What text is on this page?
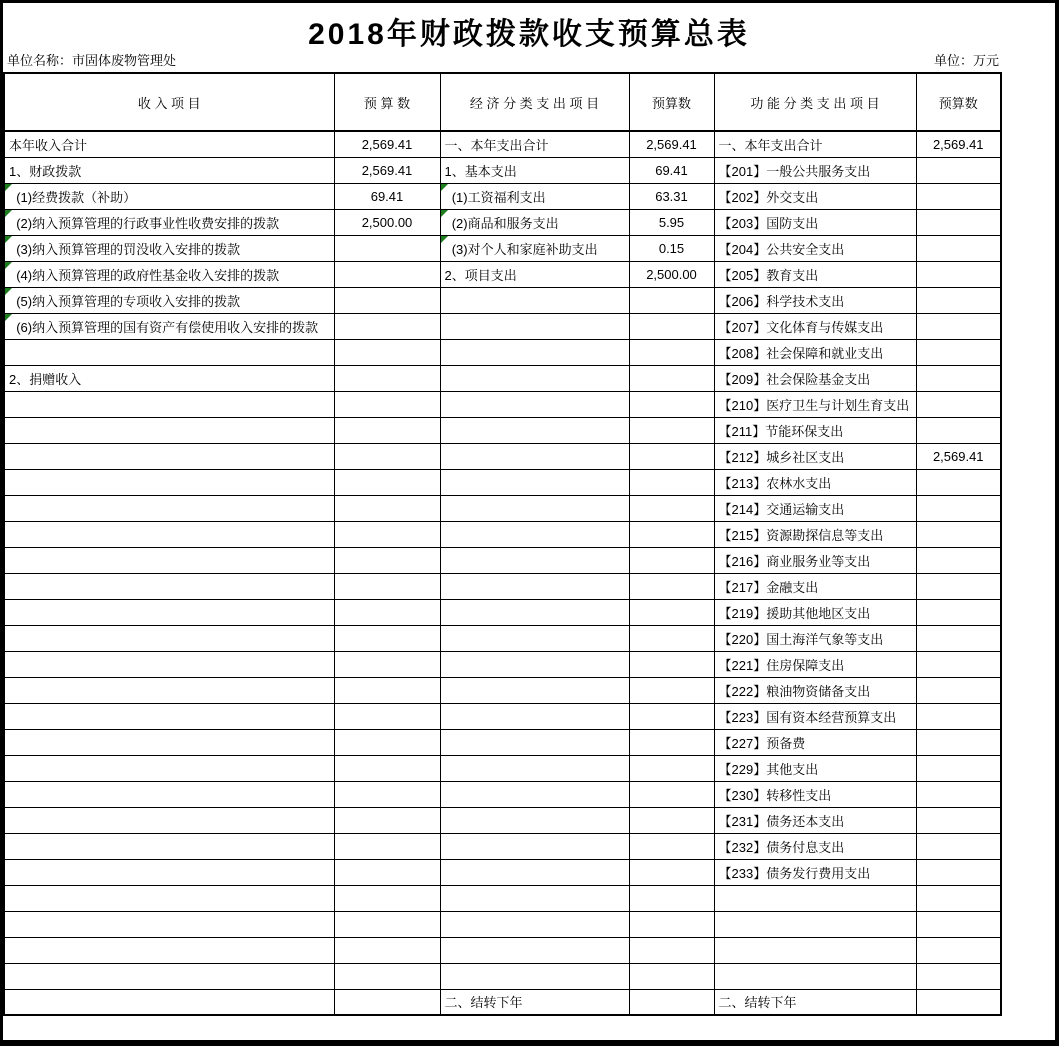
2018年财政拨款收支预算总表
单位名称：市固体废物管理处	单位：万元
收 入 项 目	预 算 数	经 济 分 类 支 出 项 目	预算数	功 能 分 类 支 出 项 目	预算数
本年收入合计	2,569.41	一、本年支出合计	2,569.41	一、本年支出合计	2,569.41
1、财政拨款	2,569.41	1、基本支出	69.41	【201】一般公共服务支出	
(1)经费拨款（补助）	69.41	(1)工资福利支出	63.31	【202】外交支出	
(2)纳入预算管理的行政事业性收费安排的拨款	2,500.00	(2)商品和服务支出	5.95	【203】国防支出	
(3)纳入预算管理的罚没收入安排的拨款		(3)对个人和家庭补助支出	0.15	【204】公共安全支出	
(4)纳入预算管理的政府性基金收入安排的拨款		2、项目支出	2,500.00	【205】教育支出	
(5)纳入预算管理的专项收入安排的拨款				【206】科学技术支出	
(6)纳入预算管理的国有资产有偿使用收入安排的拨款				【207】文化体育与传媒支出	
				【208】社会保障和就业支出	
2、捐赠收入				【209】社会保险基金支出	
				【210】医疗卫生与计划生育支出	
				【211】节能环保支出	
				【212】城乡社区支出	2,569.41
				【213】农林水支出	
				【214】交通运输支出	
				【215】资源勘探信息等支出	
				【216】商业服务业等支出	
				【217】金融支出	
				【219】援助其他地区支出	
				【220】国土海洋气象等支出	
				【221】住房保障支出	
				【222】粮油物资储备支出	
				【223】国有资本经营预算支出	
				【227】预备费	
				【229】其他支出	
				【230】转移性支出	
				【231】债务还本支出	
				【232】债务付息支出	
				【233】债务发行费用支出	

		二、结转下年		二、结转下年	
